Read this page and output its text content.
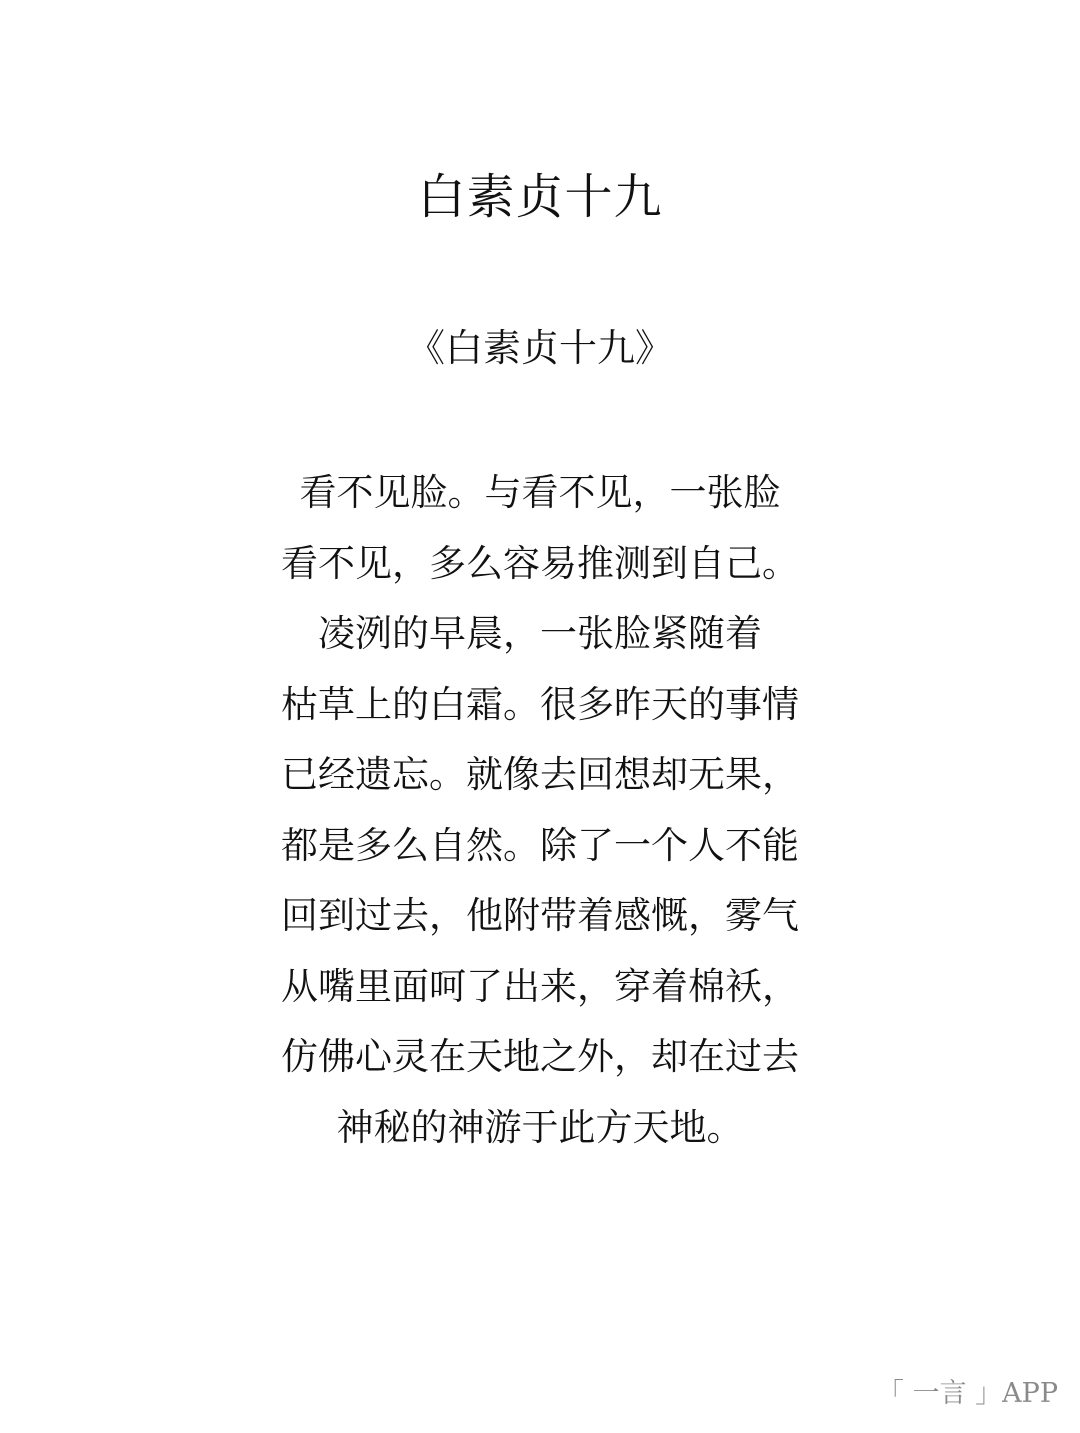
白素贞十九
《白素贞十九》
看不见脸。与看不见，一张脸
看不见，多么容易推测到自己。
凌洌的早晨，一张脸紧随着
枯草上的白霜。很多昨天的事情
已经遗忘。就像去回想却无果，
都是多么自然。除了一个人不能
回到过去，他附带着感慨，雾气
从嘴里面呵了出来，穿着棉袄，
仿佛心灵在天地之外，却在过去
神秘的神游于此方天地。
「 一言 」APP
